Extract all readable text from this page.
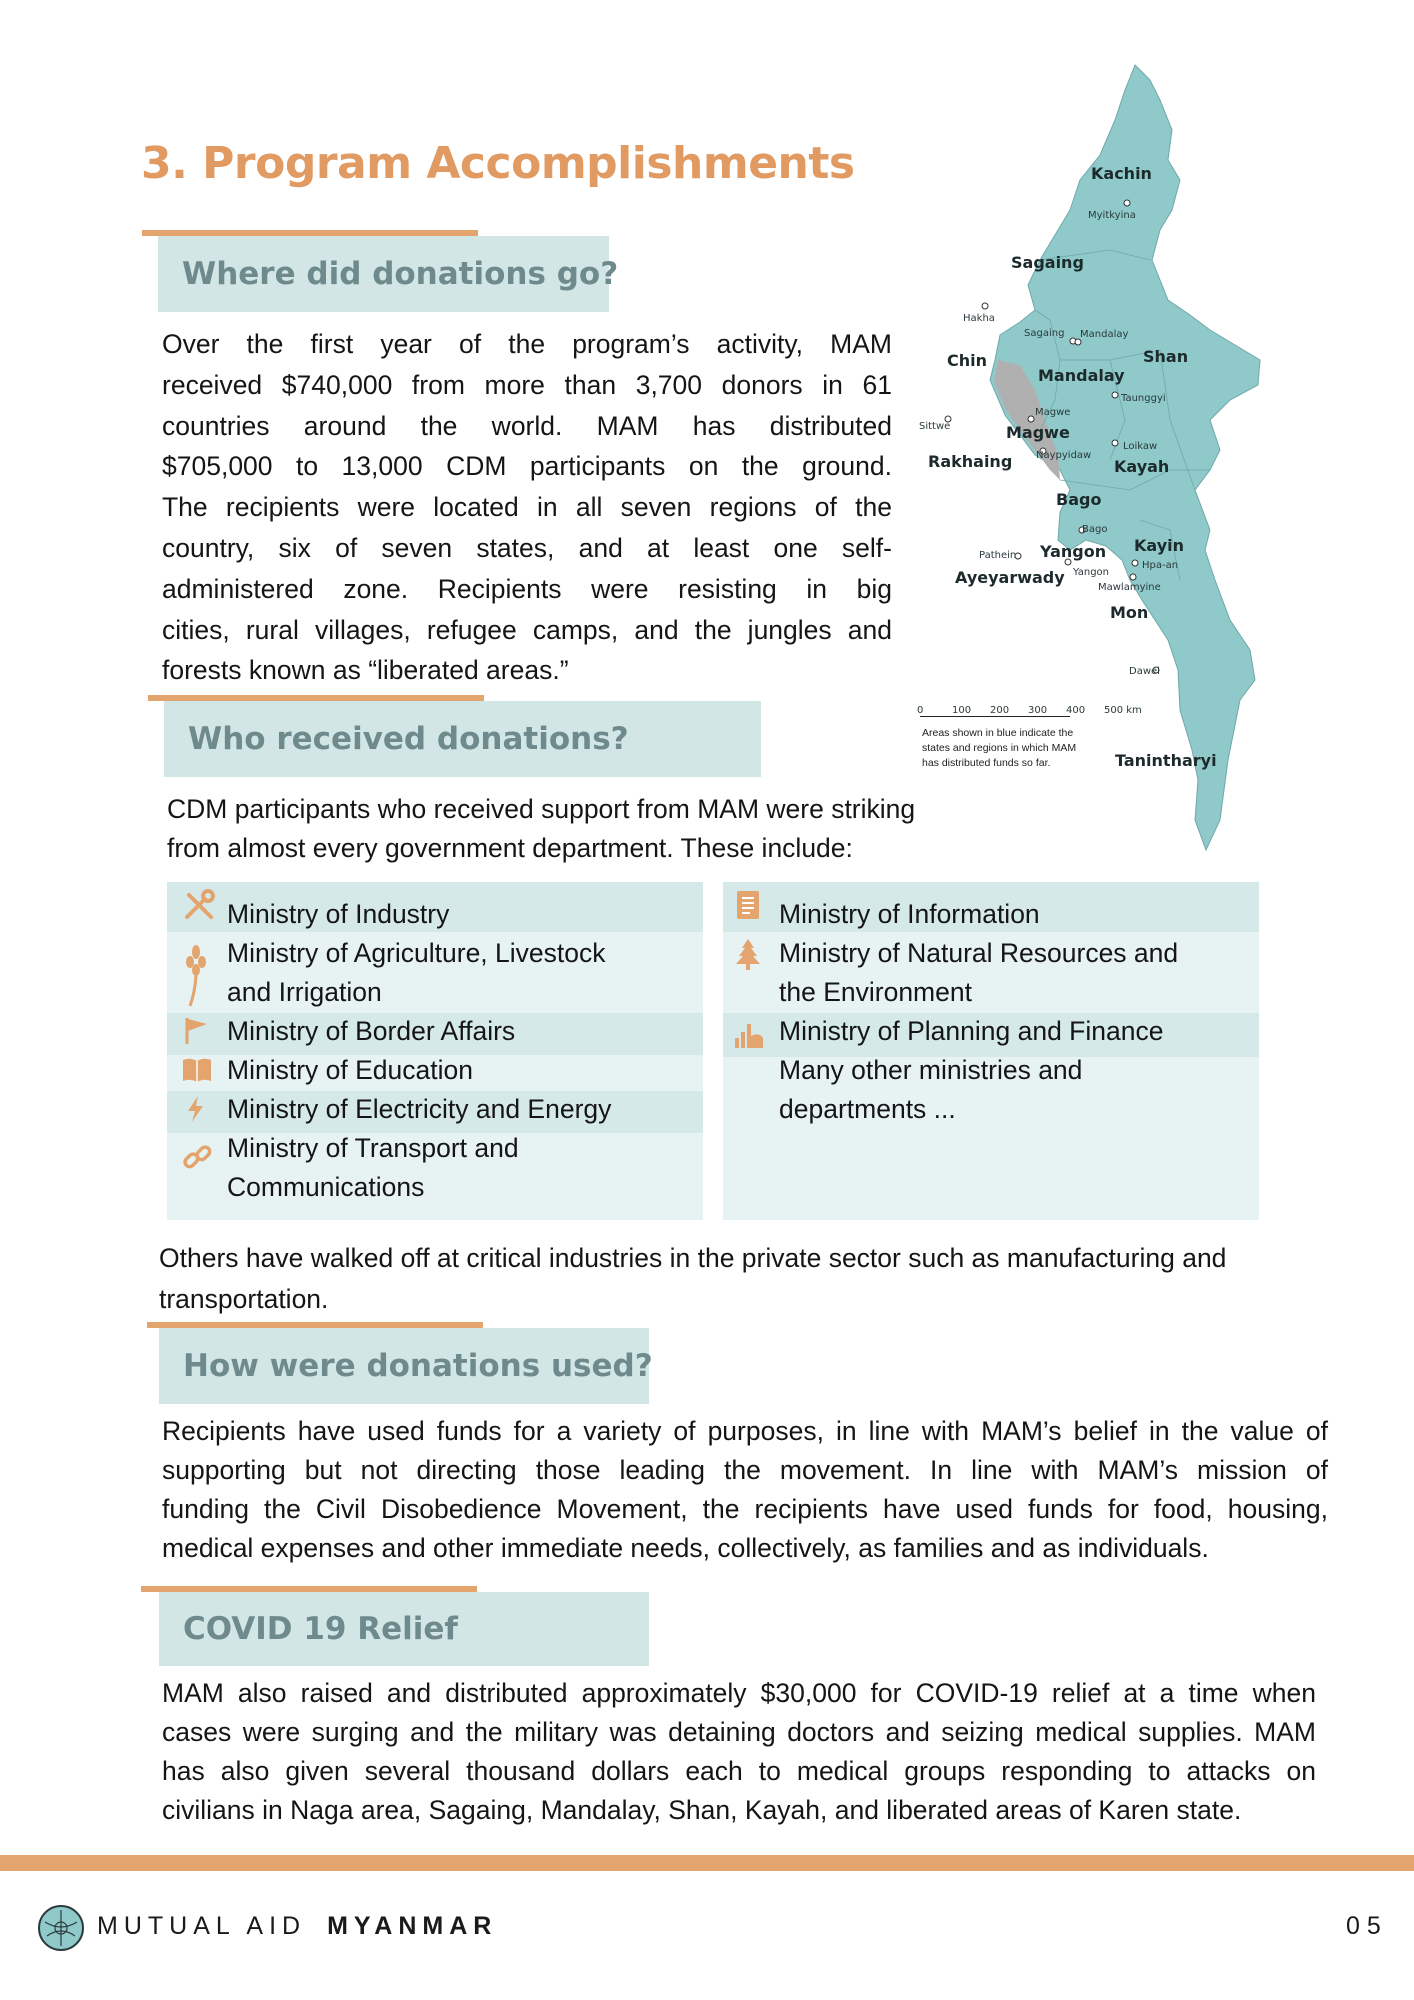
3. Program Accomplishments
Where did donations go?
Over the first year of the program’s activity, MAM
received $740,000 from more than 3,700 donors in 61
countries around the world. MAM has distributed
$705,000 to 13,000 CDM participants on the ground.
The recipients were located in all seven regions of the
country, six of seven states, and at least one self-
administered zone. Recipients were resisting in big
cities, rural villages, refugee camps, and the jungles and
forests known as “liberated areas.”
Kachin
Sagaing
Chin	Shan
Mandalay
Magwe
Rakhaing	Kayah
Bago
Yangon Kayin
Ayeyarwady
Mon
Tanintharyi
Myitkyina
Hakha
Sagaing Mandalay
Taunggyi
Sittwe
Magwe
Naypyidaw
Loikaw
Bago
Pathein
Yangon
Hpa-an
Mawlamyine
Dawei
0	100 200 300 400 500 km
Areas shown in blue indicate the
states and regions in which MAM
has distributed funds so far.
Who received donations?
CDM participants who received support from MAM were striking
from almost every government department. These include:
Ministry of Industry
Ministry of Agriculture, Livestock
and Irrigation
Ministry of Border Affairs
Ministry of Education
Ministry of Electricity and Energy
Ministry of Transport and
Communications
Ministry of Information
Ministry of Natural Resources and
the Environment
Ministry of Planning and Finance
Many other ministries and
departments ...
Others have walked off at critical industries in the private sector such as manufacturing and
transportation.
How were donations used?
Recipients have used funds for a variety of purposes, in line with MAM’s belief in the value of
supporting but not directing those leading the movement. In line with MAM’s mission of
funding the Civil Disobedience Movement, the recipients have used funds for food, housing,
medical expenses and other immediate needs, collectively, as families and as individuals.
COVID 19 Relief
MAM also raised and distributed approximately $30,000 for COVID-19 relief at a time when
cases were surging and the military was detaining doctors and seizing medical supplies. MAM
has also given several thousand dollars each to medical groups responding to attacks on
civilians in Naga area, Sagaing, Mandalay, Shan, Kayah, and liberated areas of Karen state.
MUTUAL AID MYANMAR	0 5
